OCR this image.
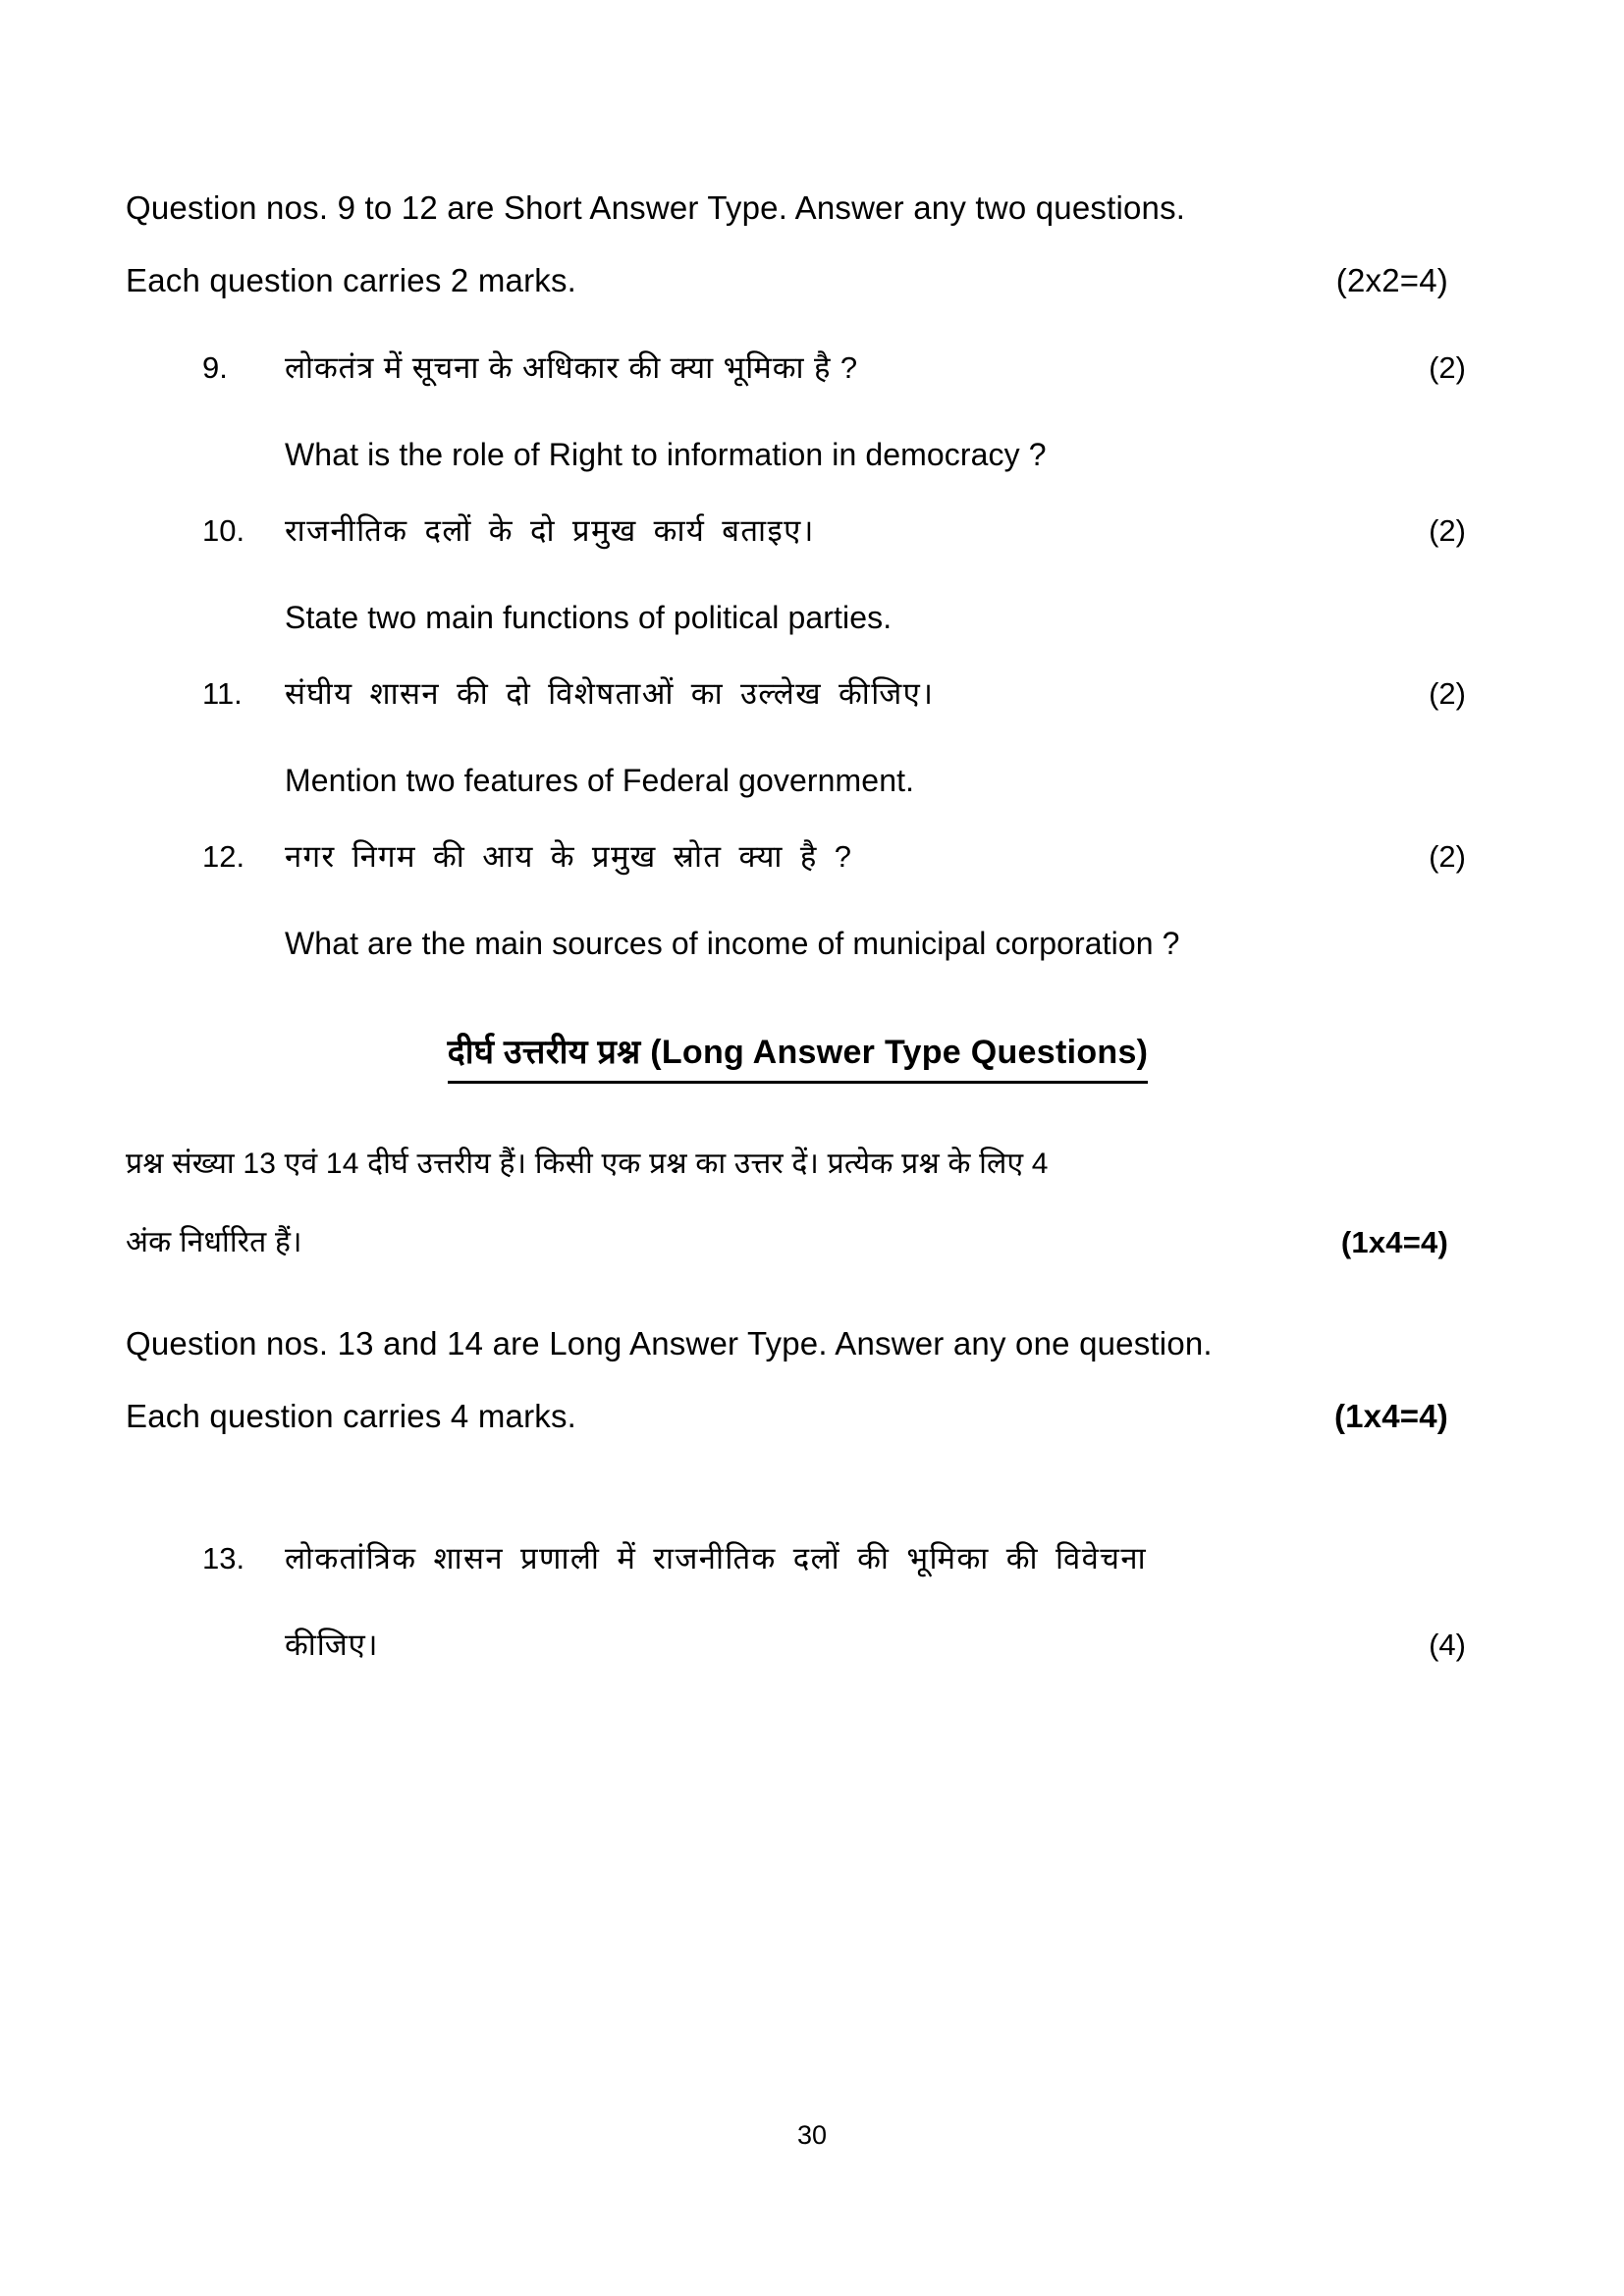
Question nos. 9 to 12 are Short Answer Type. Answer any two questions.
(2x2=4)
Each question carries 2 marks.
9.	लोकतंत्र में सूचना के अधिकार की क्या भूमिका है ?
What is the role of Right to information in democracy ?
(2)
10.	राजनीतिक दलों के दो प्रमुख कार्य बताइए।
State two main functions of political parties.
(2)
11.	संघीय शासन की दो विशेषताओं का उल्लेख कीजिए।
Mention two features of Federal government.
(2)
12.	नगर निगम की आय के प्रमुख स्रोत क्या है ?
What are the main sources of income of municipal corporation ?
(2)
दीर्घ उत्तरीय प्रश्न (Long Answer Type Questions)
प्रश्न संख्या 13 एवं 14 दीर्घ उत्तरीय हैं। किसी एक प्रश्न का उत्तर दें। प्रत्येक प्रश्न के लिए 4
(1x4=4)
अंक निर्धारित हैं।
Question nos. 13 and 14 are Long Answer Type. Answer any one question.
(1x4=4)
Each question carries 4 marks.
13.	लोकतांत्रिक शासन प्रणाली में राजनीतिक दलों की भूमिका की विवेचना
कीजिए।	(4)
30
